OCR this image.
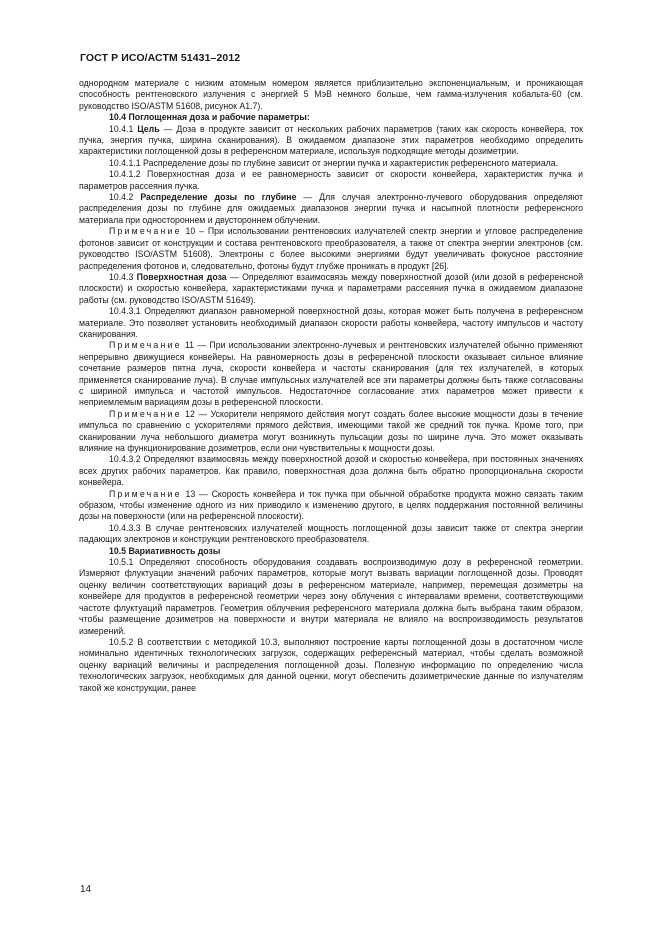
ГОСТ Р ИСО/АСТМ 51431–2012

однородном материале с низким атомным номером является приблизительно экспоненциальным, и проникающая способность рентгеновского излучения с энергией 5 МэВ немного больше, чем гамма-излучения кобальта-60 (см. руководство ISO/ASTM 51608, рисунок А1.7).

10.4 Поглощенная доза и рабочие параметры:

10.4.1 Цель — Доза в продукте зависит от нескольких рабочих параметров (таких как скорость конвейера, ток пучка, энергия пучка, ширина сканирования). В ожидаемом диапазоне этих параметров необходимо определить характеристики поглощенной дозы в референсном материале, используя подходящие методы дозиметрии.

10.4.1.1 Распределение дозы по глубине зависит от энергии пучка и характеристик референсного материала.

10.4.1.2 Поверхностная доза и ее равномерность зависит от скорости конвейера, характеристик пучка и параметров рассеяния пучка.

10.4.2 Распределение дозы по глубине — Для случая электронно-лучевого оборудования определяют распределения дозы по глубине для ожидаемых диапазонов энергии пучка и насыпной плотности референсного материала при одностороннем и двустороннем облучении.

Примечание 10 – При использовании рентгеновских излучателей спектр энергии и угловое распределение фотонов зависит от конструкции и состава рентгеновского преобразователя, а также от спектра энергии электронов (см. руководство ISO/ASTM 51608). Электроны с более высокими энергиями будут увеличивать фокусное расстояние распределения фотонов и, следовательно, фотоны будут глубже проникать в продукт [26].

10.4.3 Поверхностная доза — Определяют взаимосвязь между поверхностной дозой (или дозой в референсной плоскости) и скоростью конвейера, характеристиками пучка и параметрами рассеяния пучка в ожидаемом диапазоне работы (см. руководство ISO/ASTM 51649).

10.4.3.1 Определяют диапазон равномерной поверхностной дозы, которая может быть получена в референсном материале. Это позволяет установить необходимый диапазон скорости работы конвейера, частоту импульсов и частоту сканирования.

Примечание 11 — При использовании электронно-лучевых и рентгеновских излучателей обычно применяют непрерывно движущиеся конвейеры. На равномерность дозы в референсной плоскости оказывает сильное влияние сочетание размеров пятна луча, скорости конвейера и частоты сканирования (для тех излучателей, в которых применяется сканирование луча). В случае импульсных излучателей все эти параметры должны быть также согласованы с шириной импульса и частотой импульсов. Недостаточное согласование этих параметров может привести к неприемлемым вариациям дозы в референсной плоскости.

Примечание 12 — Ускорители непрямого действия могут создать более высокие мощности дозы в течение импульса по сравнению с ускорителями прямого действия, имеющими такой же средний ток пучка. Кроме того, при сканировании луча небольшого диаметра могут возникнуть пульсации дозы по ширине луча. Это может оказывать влияние на функционирование дозиметров, если они чувствительны к мощности дозы.

10.4.3.2 Определяют взаимосвязь между поверхностной дозой и скоростью конвейера, при постоянных значениях всех других рабочих параметров. Как правило, поверхностная доза должна быть обратно пропорциональна скорости конвейера.

Примечание 13 — Скорость конвейера и ток пучка при обычной обработке продукта можно связать таким образом, чтобы изменение одного из них приводило к изменению другого, в целях поддержания постоянной величины дозы на поверхности (или на референсной плоскости).

10.4.3.3 В случае рентгеновских излучателей мощность поглощенной дозы зависит также от спектра энергии падающих электронов и конструкции рентгеновского преобразователя.

10.5 Вариативность дозы

10.5.1 Определяют способность оборудования создавать воспроизводимую дозу в референсной геометрии. Измеряют флуктуации значений рабочих параметров, которые могут вызвать вариации поглощенной дозы. Проводят оценку величин соответствующих вариаций дозы в референсном материале, например, перемещая дозиметры на конвейере для продуктов в референсной геометрии через зону облучения с интервалами времени, соответствующими частоте флуктуаций параметров. Геометрия облучения референсного материала должна быть выбрана таким образом, чтобы размещение дозиметров на поверхности и внутри материала не влияло на воспроизводимость результатов измерений.

10.5.2 В соответствии с методикой 10.3, выполняют построение карты поглощенной дозы в достаточном числе номинально идентичных технологических загрузок, содержащих референсный материал, чтобы сделать возможной оценку вариаций величины и распределения поглощенной дозы. Полезную информацию по определению числа технологических загрузок, необходимых для данной оценки, могут обеспечить дозиметрические данные по излучателям такой же конструкции, ранее

14
